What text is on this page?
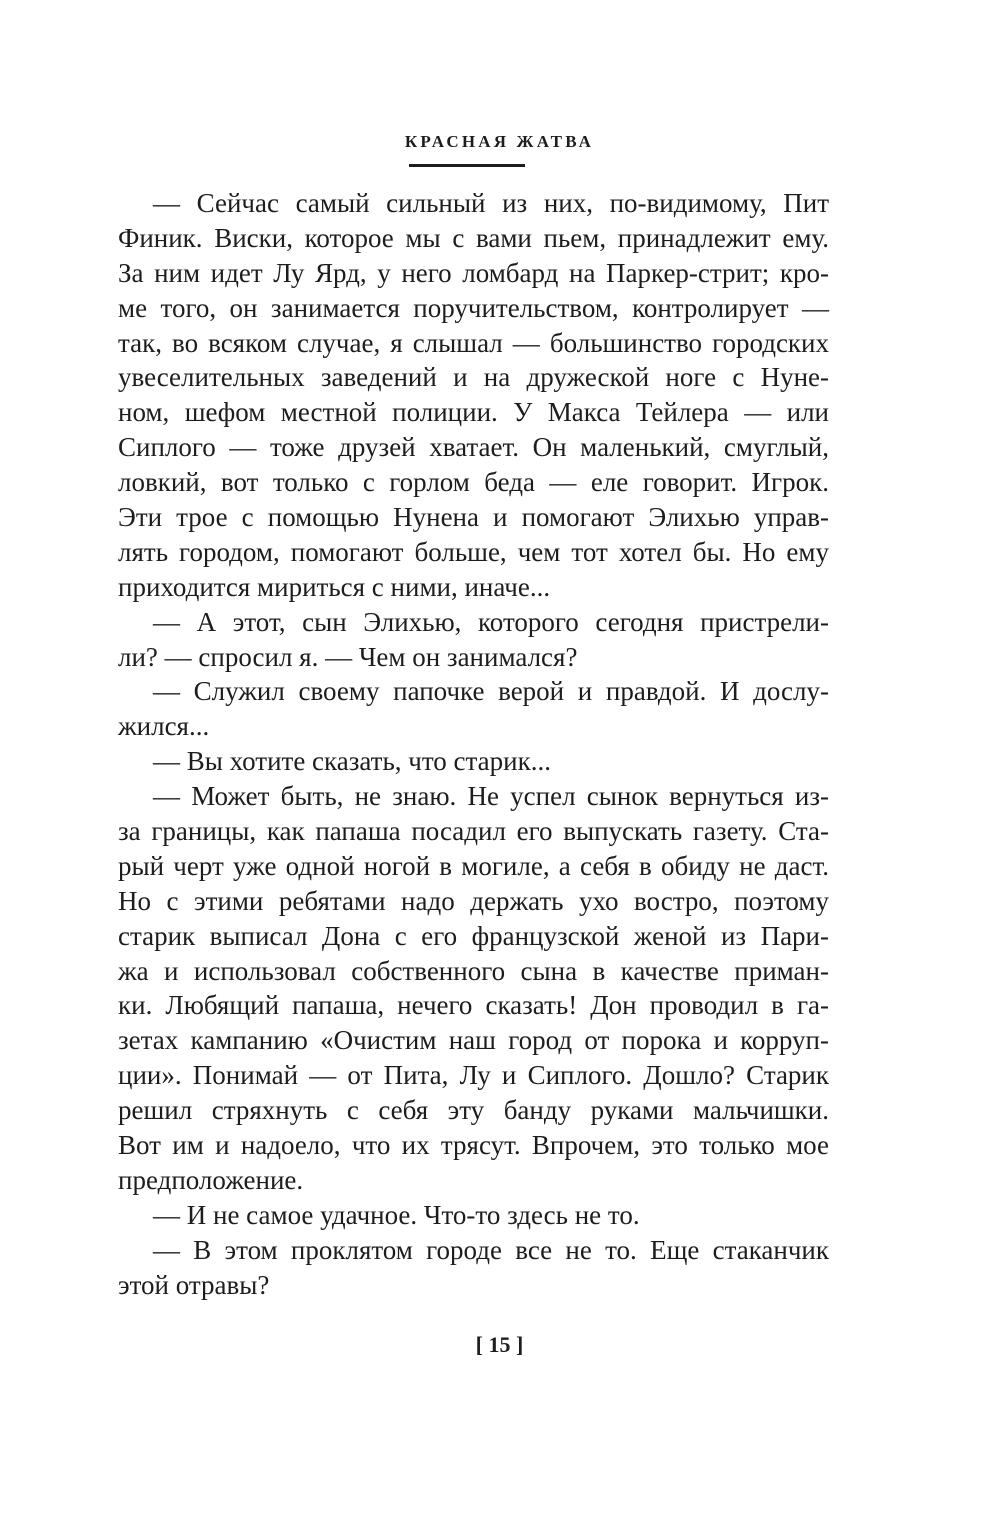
КРАСНАЯ ЖАТВА
— Сейчас самый сильный из них, по-видимому, Пит
Финик. Виски, которое мы с вами пьем, принадлежит ему.
За ним идет Лу Ярд, у него ломбард на Паркер-стрит; кро-
ме того, он занимается поручительством, контролирует —
так, во всяком случае, я слышал — большинство городских
увеселительных заведений и на дружеской ноге с Нуне-
ном, шефом местной полиции. У Макса Тейлера — или
Сиплого — тоже друзей хватает. Он маленький, смуглый,
ловкий, вот только с горлом беда — еле говорит. Игрок.
Эти трое с помощью Нунена и помогают Элихью управ-
лять городом, помогают больше, чем тот хотел бы. Но ему
приходится мириться с ними, иначе...
— А этот, сын Элихью, которого сегодня пристрели-
ли? — спросил я. — Чем он занимался?
— Служил своему папочке верой и правдой. И дослу-
жился...
— Вы хотите сказать, что старик...
— Может быть, не знаю. Не успел сынок вернуться из-
за границы, как папаша посадил его выпускать газету. Ста-
рый черт уже одной ногой в могиле, а себя в обиду не даст.
Но с этими ребятами надо держать ухо востро, поэтому
старик выписал Дона с его французской женой из Пари-
жа и использовал собственного сына в качестве приман-
ки. Любящий папаша, нечего сказать! Дон проводил в га-
зетах кампанию «Очистим наш город от порока и корруп-
ции». Понимай — от Пита, Лу и Сиплого. Дошло? Старик
решил стряхнуть с себя эту банду руками мальчишки.
Вот им и надоело, что их трясут. Впрочем, это только мое
предположение.
— И не самое удачное. Что-то здесь не то.
— В этом проклятом городе все не то. Еще стаканчик
этой отравы?
[ 15 ]
